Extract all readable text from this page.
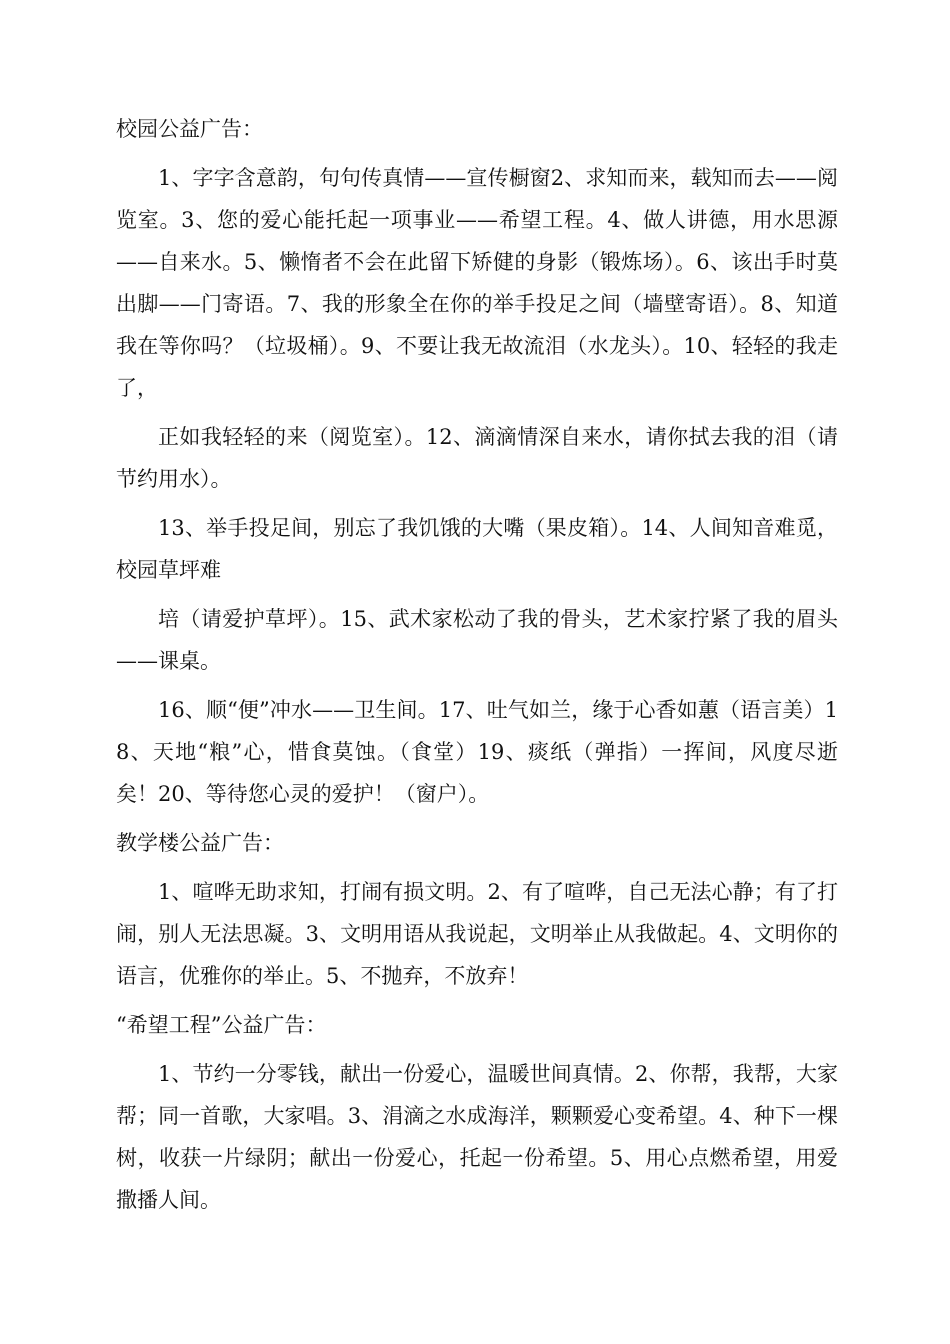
校园公益广告：

1、字字含意韵，句句传真情——宣传橱窗2、求知而来，载知而去——阅览室。3、您的爱心能托起一项事业——希望工程。4、做人讲德，用水思源——自来水。5、懒惰者不会在此留下矫健的身影（锻炼场）。6、该出手时莫出脚——门寄语。7、我的形象全在你的举手投足之间（墙壁寄语）。8、知道我在等你吗？（垃圾桶）。9、不要让我无故流泪（水龙头）。10、轻轻的我走了，

正如我轻轻的来（阅览室）。12、滴滴情深自来水，请你拭去我的泪（请节约用水）。

13、举手投足间，别忘了我饥饿的大嘴（果皮箱）。14、人间知音难觅，校园草坪难

培（请爱护草坪）。15、武术家松动了我的骨头，艺术家拧紧了我的眉头——课桌。

16、顺“便”冲水——卫生间。17、吐气如兰，缘于心香如蕙（语言美）18、天地“粮”心，惜食莫蚀。（食堂）19、痰纸（弹指）一挥间，风度尽逝矣！20、等待您心灵的爱护！（窗户）。

教学楼公益广告：

1、喧哗无助求知，打闹有损文明。2、有了喧哗，自己无法心静；有了打闹，别人无法思凝。3、文明用语从我说起，文明举止从我做起。4、文明你的语言，优雅你的举止。5、不抛弃，不放弃！

“希望工程”公益广告：

1、节约一分零钱，献出一份爱心，温暖世间真情。2、你帮，我帮，大家帮；同一首歌，大家唱。3、涓滴之水成海洋，颗颗爱心变希望。4、种下一棵树，收获一片绿阴；献出一份爱心，托起一份希望。5、用心点燃希望，用爱撒播人间。
